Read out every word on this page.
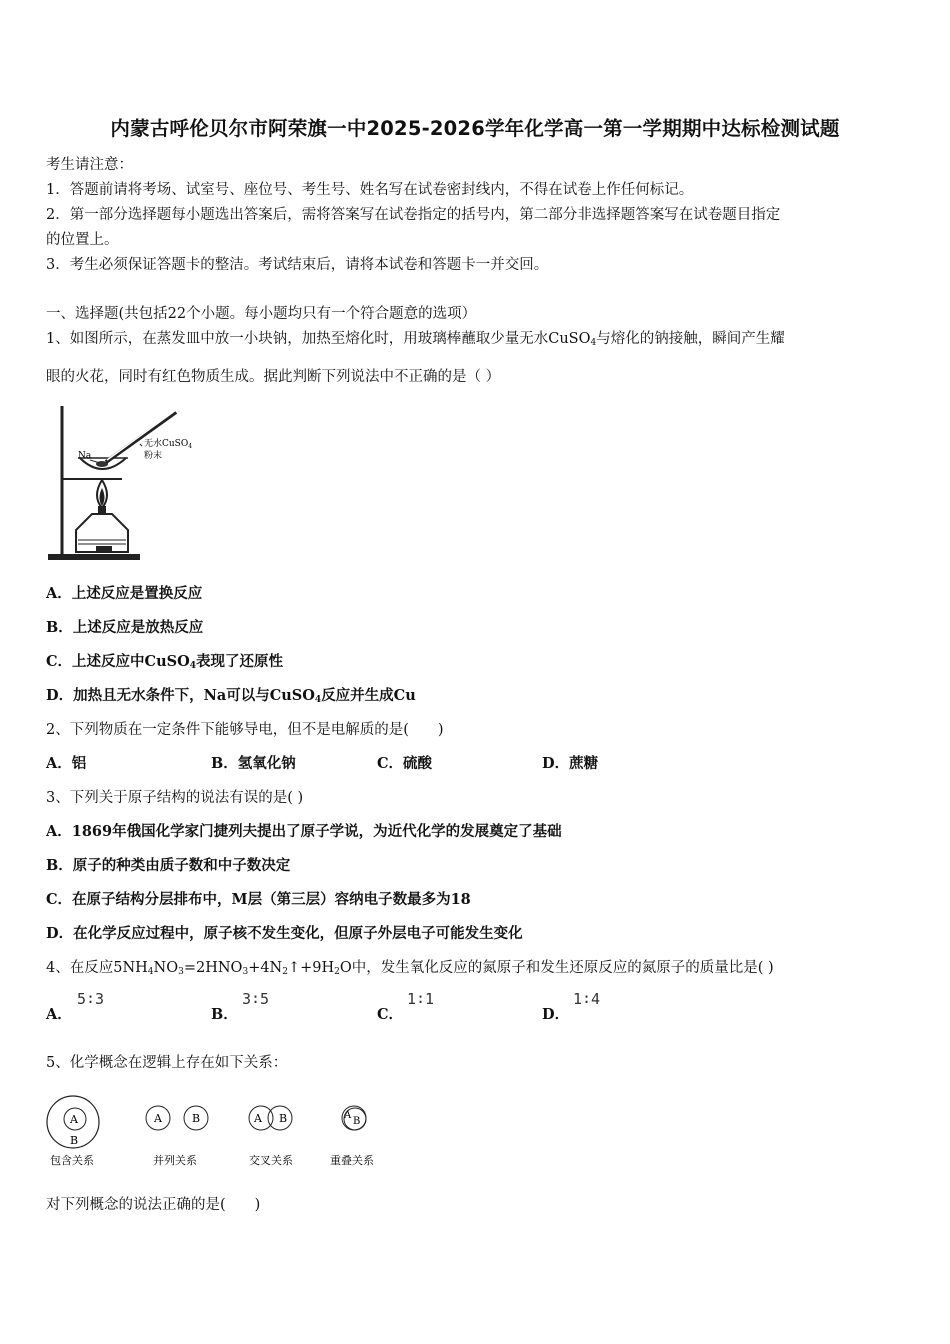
内蒙古呼伦贝尔市阿荣旗一中2025-2026学年化学高一第一学期期中达标检测试题
考生请注意：
1．答题前请将考场、试室号、座位号、考生号、姓名写在试卷密封线内，不得在试卷上作任何标记。
2．第一部分选择题每小题选出答案后，需将答案写在试卷指定的括号内，第二部分非选择题答案写在试卷题目指定
的位置上。
3．考生必须保证答题卡的整洁。考试结束后，请将本试卷和答题卡一并交回。
一、选择题(共包括22个小题。每小题均只有一个符合题意的选项）
1、如图所示，在蒸发皿中放一小块钠，加热至熔化时，用玻璃棒蘸取少量无水CuSO$_4$与熔化的钠接触，瞬间产生耀
眼的火花，同时有红色物质生成。据此判断下列说法中不正确的是（ ）
Na
无水CuSO$_4$
粉末
A．上述反应是置换反应
B．上述反应是放热反应
C．上述反应中CuSO$_4$表现了还原性
D．加热且无水条件下，Na可以与CuSO$_4$反应并生成Cu
2、下列物质在一定条件下能够导电，但不是电解质的是(　　)
A．铝	B．氢氧化钠	C．硫酸	D．蔗糖
3、下列关于原子结构的说法有误的是( )
A．1869年俄国化学家门捷列夫提出了原子学说，为近代化学的发展奠定了基础
B．原子的种类由质子数和中子数决定
C．在原子结构分层排布中，M层（第三层）容纳电子数最多为18
D．在化学反应过程中，原子核不发生变化，但原子外层电子可能发生变化
4、在反应$5NH_4NO_3=2HNO_3+4N_2↑+9H_2O$中，发生氧化反应的氮原子和发生还原反应的氮原子的质量比是( )
A．
5∶3
B．
3∶5
C．
1∶1
D．
1∶4
5、化学概念在逻辑上存在如下关系：
A
B
包含关系
A	B
并列关系
A B
交叉关系
A
B
重叠关系
对下列概念的说法正确的是(　　)
